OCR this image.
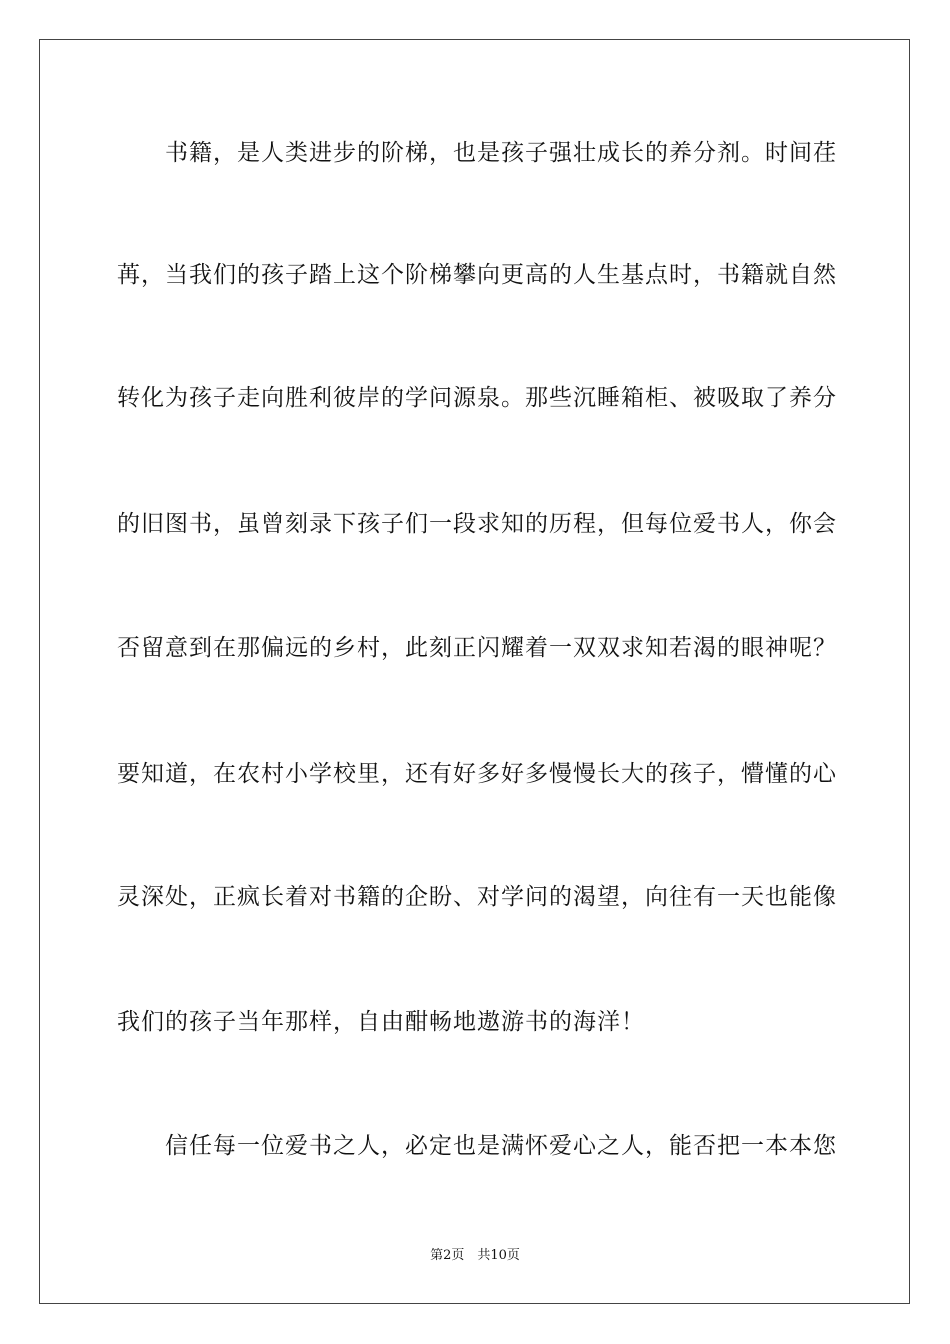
　　书籍，是人类进步的阶梯，也是孩子强壮成长的养分剂。时间荏
苒，当我们的孩子踏上这个阶梯攀向更高的人生基点时，书籍就自然
转化为孩子走向胜利彼岸的学问源泉。那些沉睡箱柜、被吸取了养分
的旧图书，虽曾刻录下孩子们一段求知的历程，但每位爱书人，你会
否留意到在那偏远的乡村，此刻正闪耀着一双双求知若渴的眼神呢？
要知道，在农村小学校里，还有好多好多慢慢长大的孩子，懵懂的心
灵深处，正疯长着对书籍的企盼、对学问的渴望，向往有一天也能像
我们的孩子当年那样，自由酣畅地遨游书的海洋！
　　信任每一位爱书之人，必定也是满怀爱心之人，能否把一本本您
第2页　共10页
